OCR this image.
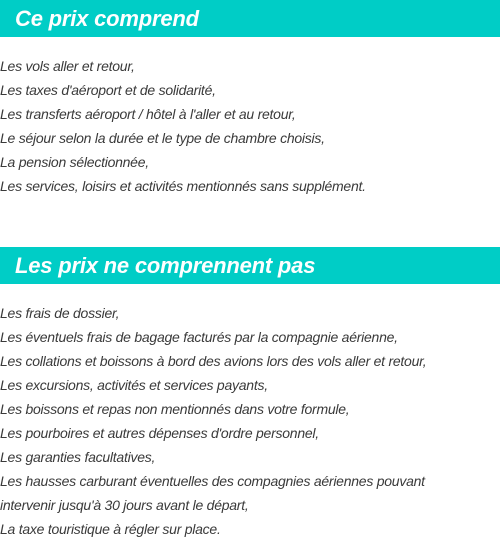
Ce prix comprend
Les vols aller et retour,
Les taxes d'aéroport et de solidarité,
Les transferts aéroport / hôtel à l'aller et au retour,
Le séjour selon la durée et le type de chambre choisis,
La pension sélectionnée,
Les services, loisirs et activités mentionnés sans supplément.
Les prix ne comprennent pas
Les frais de dossier,
Les éventuels frais de bagage facturés par la compagnie aérienne,
Les collations et boissons à bord des avions lors des vols aller et retour,
Les excursions, activités et services payants,
Les boissons et repas non mentionnés dans votre formule,
Les pourboires et autres dépenses d'ordre personnel,
Les garanties facultatives,
Les hausses carburant éventuelles des compagnies aériennes pouvant
intervenir jusqu'à 30 jours avant le départ,
La taxe touristique à régler sur place.
